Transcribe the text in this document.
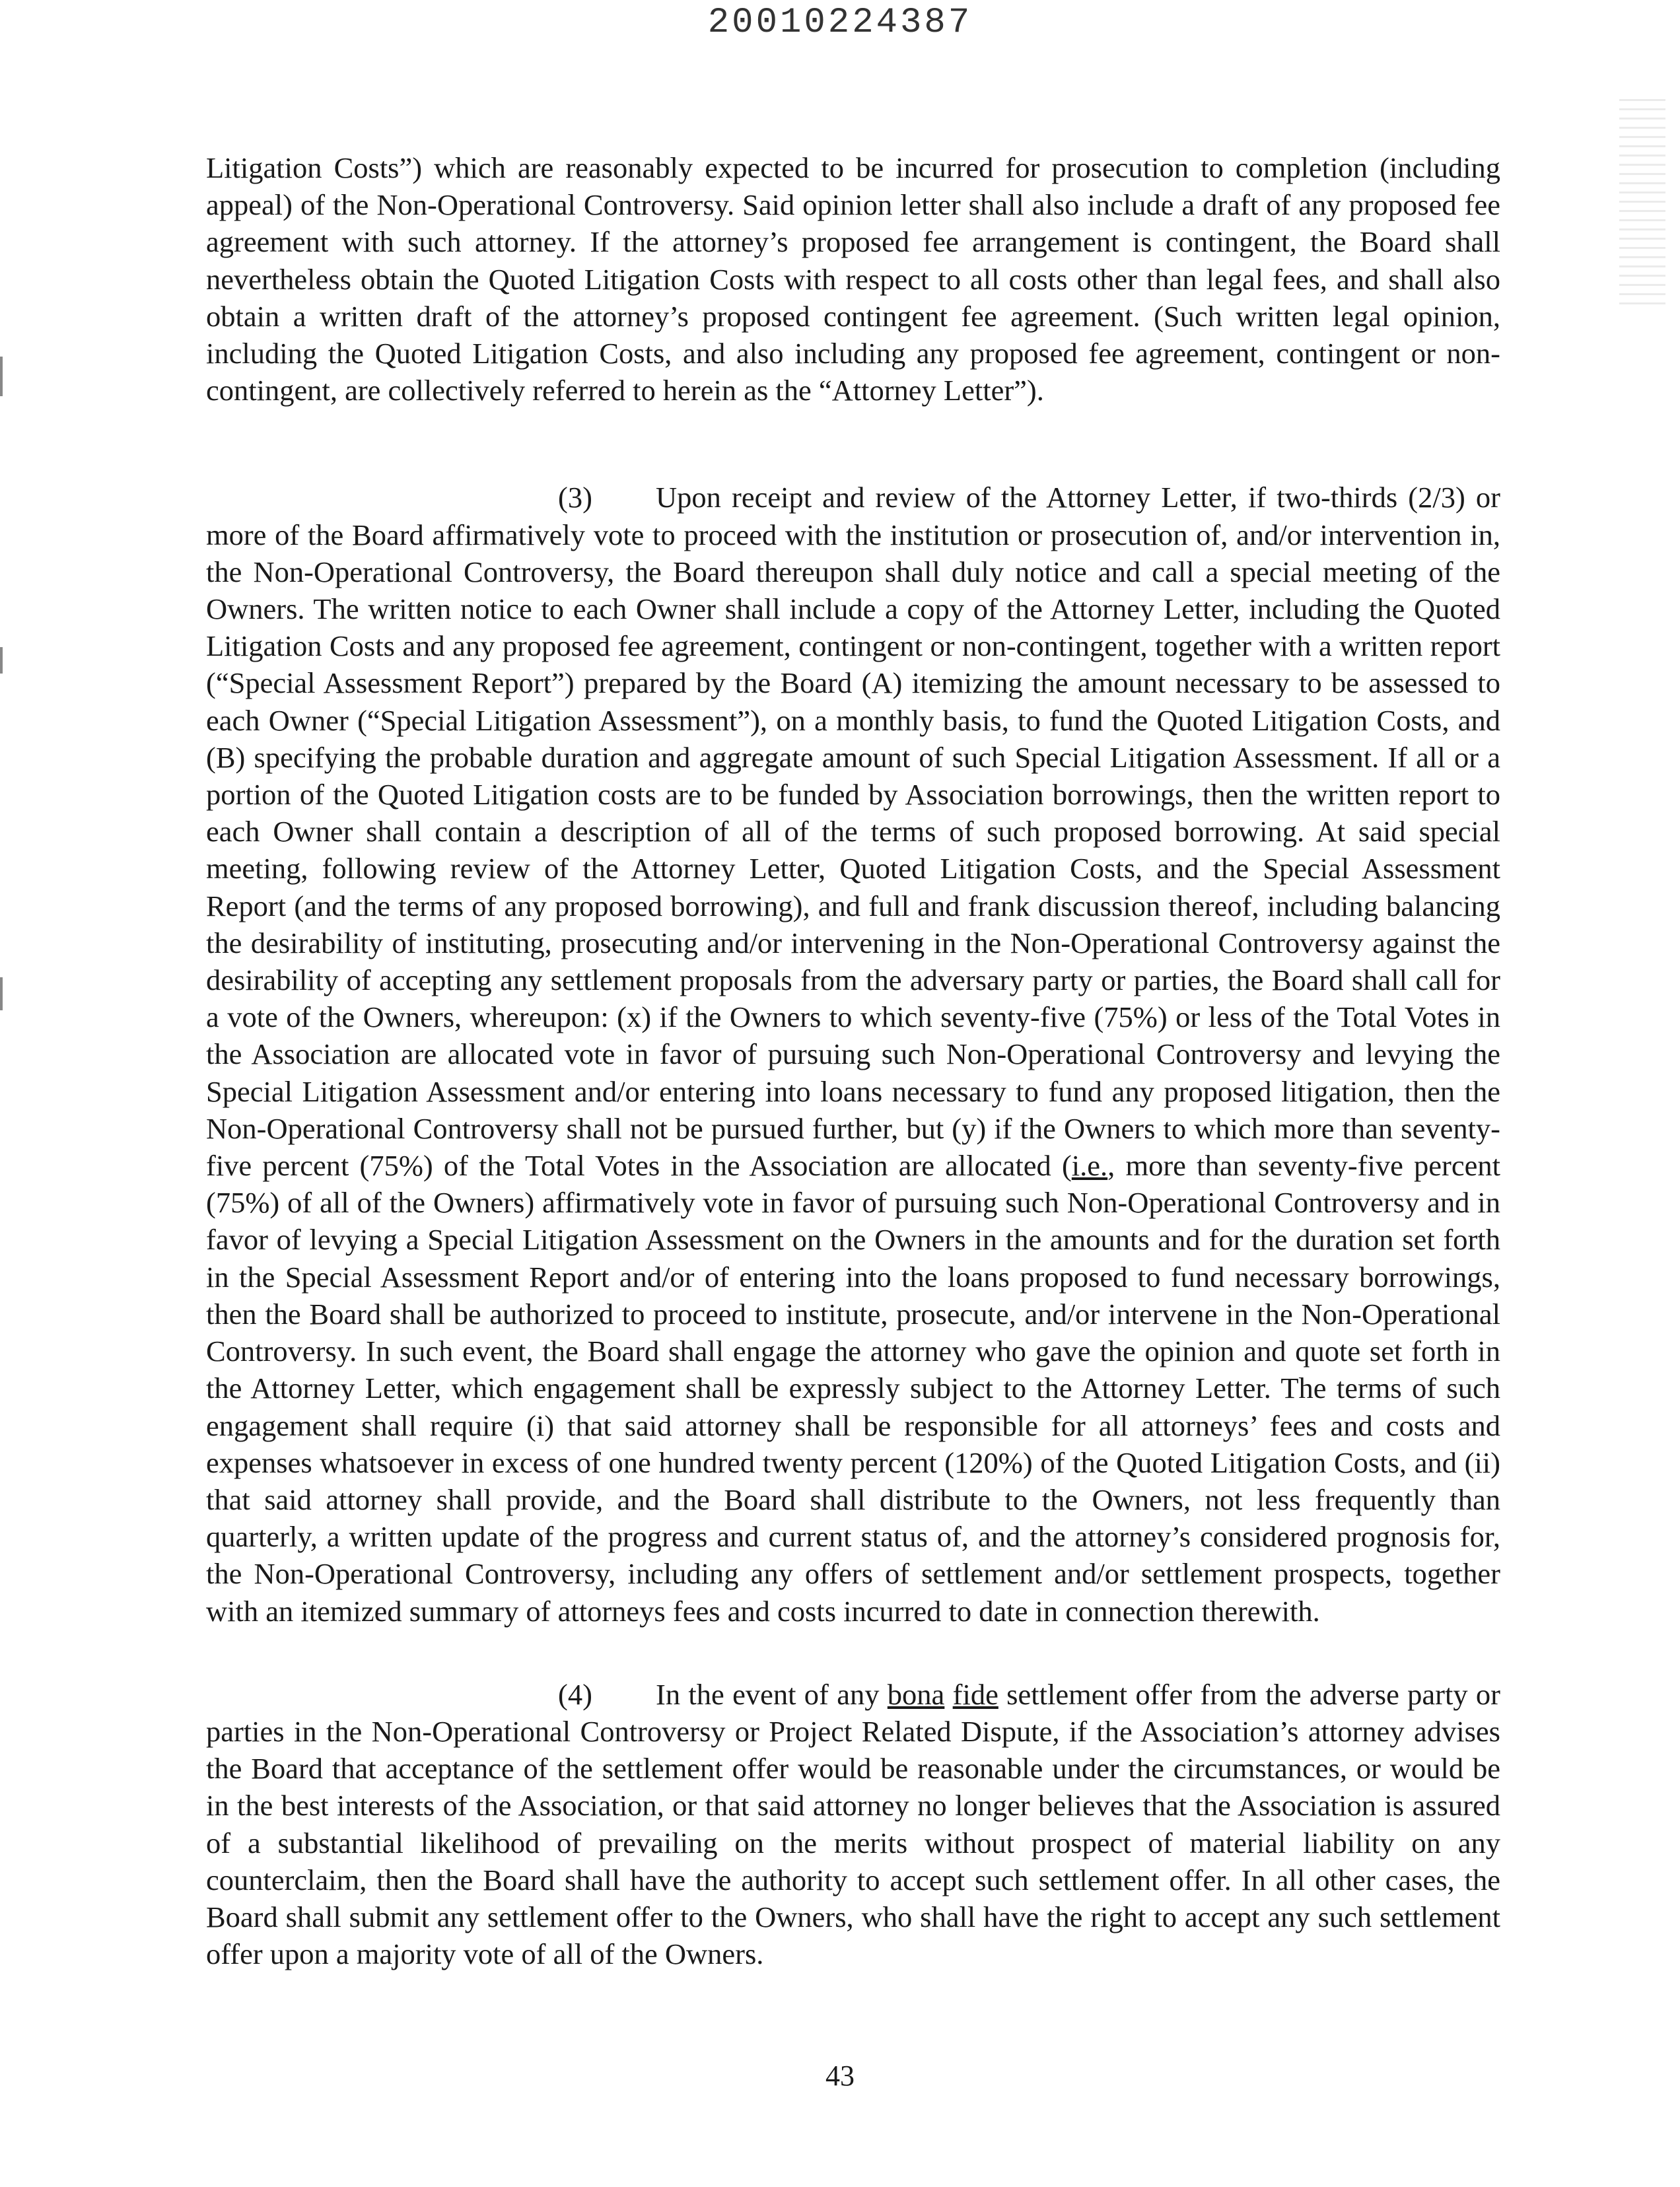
20010224387

Litigation Costs”) which are reasonably expected to be incurred for prosecution to completion (including appeal) of the Non-Operational Controversy. Said opinion letter shall also include a draft of any proposed fee agreement with such attorney. If the attorney’s proposed fee arrangement is contingent, the Board shall nevertheless obtain the Quoted Litigation Costs with respect to all costs other than legal fees, and shall also obtain a written draft of the attorney’s proposed contingent fee agreement. (Such written legal opinion, including the Quoted Litigation Costs, and also including any proposed fee agreement, contingent or non-contingent, are collectively referred to herein as the “Attorney Letter”).

(3) Upon receipt and review of the Attorney Letter, if two-thirds (2/3) or more of the Board affirmatively vote to proceed with the institution or prosecution of, and/or intervention in, the Non-Operational Controversy, the Board thereupon shall duly notice and call a special meeting of the Owners. The written notice to each Owner shall include a copy of the Attorney Letter, including the Quoted Litigation Costs and any proposed fee agreement, contingent or non-contingent, together with a written report (“Special Assessment Report”) prepared by the Board (A) itemizing the amount necessary to be assessed to each Owner (“Special Litigation Assessment”), on a monthly basis, to fund the Quoted Litigation Costs, and (B) specifying the probable duration and aggregate amount of such Special Litigation Assessment. If all or a portion of the Quoted Litigation costs are to be funded by Association borrowings, then the written report to each Owner shall contain a description of all of the terms of such proposed borrowing. At said special meeting, following review of the Attorney Letter, Quoted Litigation Costs, and the Special Assessment Report (and the terms of any proposed borrowing), and full and frank discussion thereof, including balancing the desirability of instituting, prosecuting and/or intervening in the Non-Operational Controversy against the desirability of accepting any settlement proposals from the adversary party or parties, the Board shall call for a vote of the Owners, whereupon: (x) if the Owners to which seventy-five (75%) or less of the Total Votes in the Association are allocated vote in favor of pursuing such Non-Operational Controversy and levying the Special Litigation Assessment and/or entering into loans necessary to fund any proposed litigation, then the Non-Operational Controversy shall not be pursued further, but (y) if the Owners to which more than seventy-five percent (75%) of the Total Votes in the Association are allocated (i.e., more than seventy-five percent (75%) of all of the Owners) affirmatively vote in favor of pursuing such Non-Operational Controversy and in favor of levying a Special Litigation Assessment on the Owners in the amounts and for the duration set forth in the Special Assessment Report and/or of entering into the loans proposed to fund necessary borrowings, then the Board shall be authorized to proceed to institute, prosecute, and/or intervene in the Non-Operational Controversy. In such event, the Board shall engage the attorney who gave the opinion and quote set forth in the Attorney Letter, which engagement shall be expressly subject to the Attorney Letter. The terms of such engagement shall require (i) that said attorney shall be responsible for all attorneys’ fees and costs and expenses whatsoever in excess of one hundred twenty percent (120%) of the Quoted Litigation Costs, and (ii) that said attorney shall provide, and the Board shall distribute to the Owners, not less frequently than quarterly, a written update of the progress and current status of, and the attorney’s considered prognosis for, the Non-Operational Controversy, including any offers of settlement and/or settlement prospects, together with an itemized summary of attorneys fees and costs incurred to date in connection therewith.

(4) In the event of any bona fide settlement offer from the adverse party or parties in the Non-Operational Controversy or Project Related Dispute, if the Association’s attorney advises the Board that acceptance of the settlement offer would be reasonable under the circumstances, or would be in the best interests of the Association, or that said attorney no longer believes that the Association is assured of a substantial likelihood of prevailing on the merits without prospect of material liability on any counterclaim, then the Board shall have the authority to accept such settlement offer. In all other cases, the Board shall submit any settlement offer to the Owners, who shall have the right to accept any such settlement offer upon a majority vote of all of the Owners.

43
